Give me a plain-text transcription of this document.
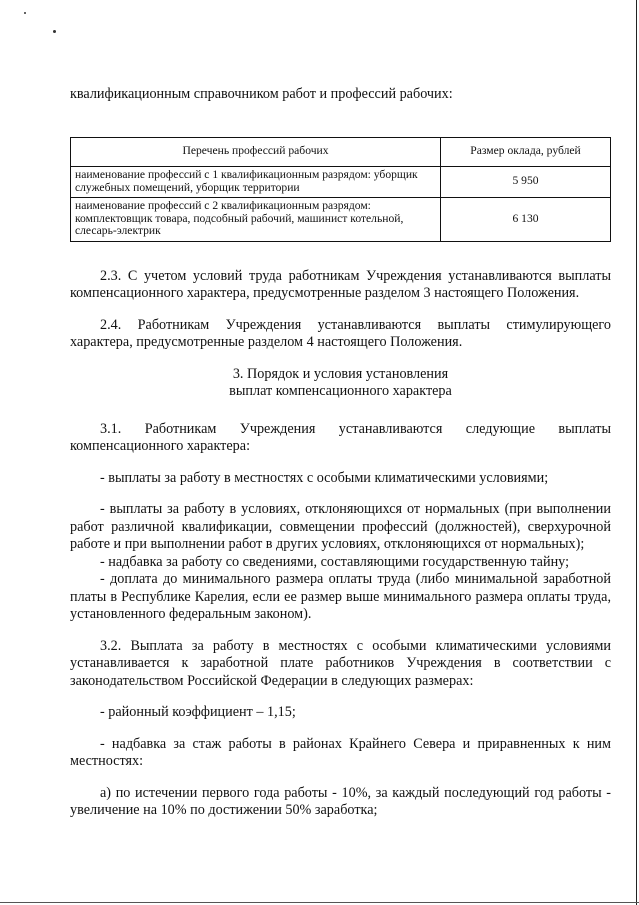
квалификационным справочником работ и профессий рабочих:

Перечень профессий рабочих	Размер оклада, рублей
наименование профессий с 1 квалификационным разрядом: уборщик служебных помещений, уборщик территории	5 950
наименование профессий с 2 квалификационным разрядом: комплектовщик товара, подсобный рабочий, машинист котельной, слесарь-электрик	6 130

2.3. С учетом условий труда работникам Учреждения устанавливаются выплаты компенсационного характера, предусмотренные разделом 3 настоящего Положения.

2.4. Работникам Учреждения устанавливаются выплаты стимулирующего характера, предусмотренные разделом 4 настоящего Положения.

3. Порядок и условия установления
выплат компенсационного характера

3.1. Работникам Учреждения устанавливаются следующие выплаты компенсационного характера:

- выплаты за работу в местностях с особыми климатическими условиями;

- выплаты за работу в условиях, отклоняющихся от нормальных (при выполнении работ различной квалификации, совмещении профессий (должностей), сверхурочной работе и при выполнении работ в других условиях, отклоняющихся от нормальных);

- надбавка за работу со сведениями, составляющими государственную тайну;

- доплата до минимального размера оплаты труда (либо минимальной заработной платы в Республике Карелия, если ее размер выше минимального размера оплаты труда, установленного федеральным законом).

3.2. Выплата за работу в местностях с особыми климатическими условиями устанавливается к заработной плате работников Учреждения в соответствии с законодательством Российской Федерации в следующих размерах:

- районный коэффициент – 1,15;

- надбавка за стаж работы в районах Крайнего Севера и приравненных к ним местностях:

а) по истечении первого года работы - 10%, за каждый последующий год работы - увеличение на 10% по достижении 50% заработка;
